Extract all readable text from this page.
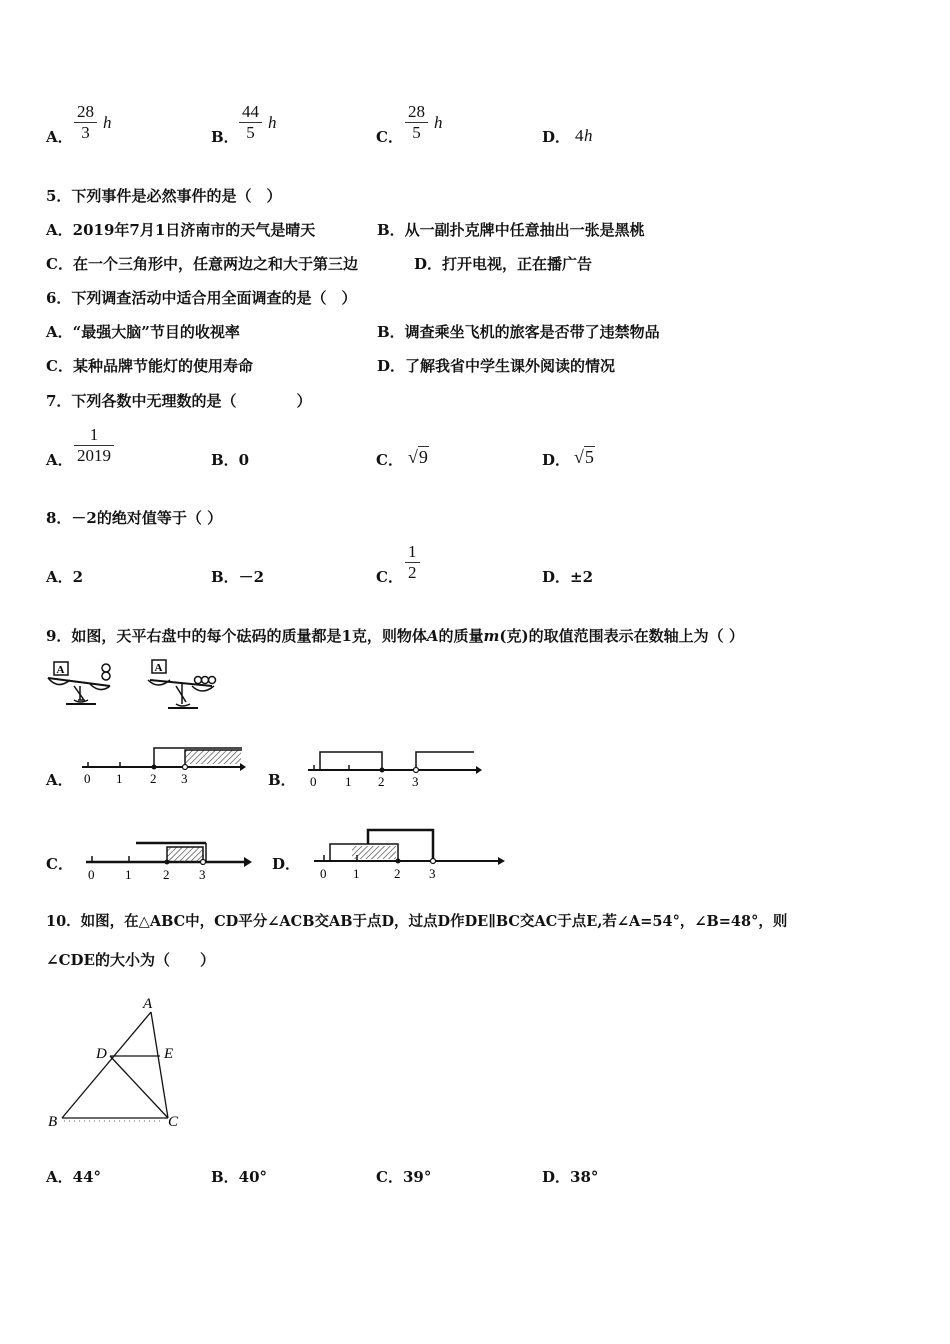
A． $\frac{28}{3}$ h
B． $\frac{44}{5}$ h
C． $\frac{28}{5}$ h
D． 4 h
5．下列事件是必然事件的是（　）
A．2019年7月1日济南市的天气是晴天	B．从一副扑克牌中任意抽出一张是黑桃
C．在一个三角形中，任意两边之和大于第三边	D．打开电视，正在播广告
6．下列调查活动中适合用全面调查的是（　）
A．“最强大脑”节目的收视率	B．调查乘坐飞机的旅客是否带了违禁物品
C．某种品牌节能灯的使用寿命	D．了解我省中学生课外阅读的情况
7．下列各数中无理数的是（　　　　）
A． $\frac{1}{2019}$	B．0	C． √9	D． √5
8．－2的绝对值等于（ ）
A．2	B．－2	C． $\frac{1}{2}$	D．±2
9．如图，天平右盘中的每个砝码的质量都是1克，则物体A的质量m(克)的取值范围表示在数轴上为（ ）
A	A
A． 0 1 2 3	B． 0 1 2 3
C．
0 1 2 3
D．
0 1	2 3
10．如图，在△ABC中，CD平分∠ACB交AB于点D，过点D作DE∥BC交AC于点E,若∠A=54°，∠B=48°，则
∠CDE的大小为（　　）
A
D	E
B	C
A．44°	B．40°	C．39°	D．38°
